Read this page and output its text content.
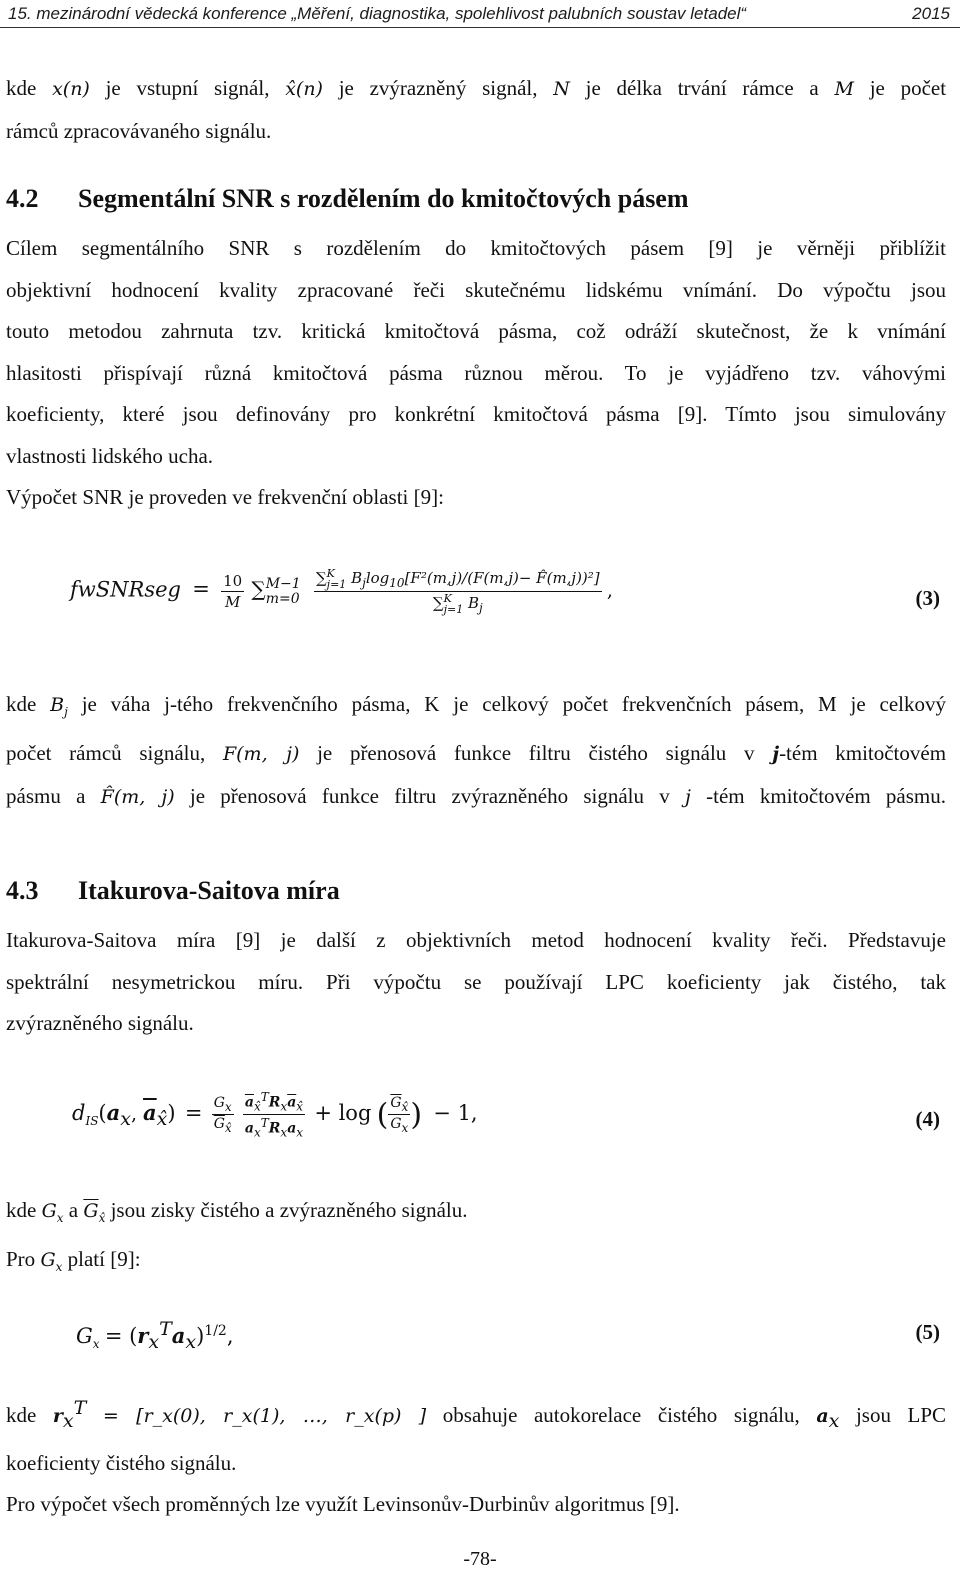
15. mezinárodní vědecká konference „Měření, diagnostika, spolehlivost palubních soustav letadel“	2015
kde x(n) je vstupní signál, x̂(n) je zvýrazněný signál, N je délka trvání rámce a M je počet
rámců zpracovávaného signálu.
4.2 Segmentální SNR s rozdělením do kmitočtových pásem
Cílem segmentálního SNR s rozdělením do kmitočtových pásem [9] je věrněji přiblížit
objektivní hodnocení kvality zpracované řeči skutečnému lidskému vnímání. Do výpočtu jsou
touto metodou zahrnuta tzv. kritická kmitočtová pásma, což odráží skutečnost, že k vnímání
hlasitosti přispívají různá kmitočtová pásma různou měrou. To je vyjádřeno tzv. váhovými
koeficienty, které jsou definovány pro konkrétní kmitočtová pásma [9]. Tímto jsou simulovány
vlastnosti lidského ucha.
Výpočet SNR je proveden ve frekvenční oblasti [9]:
fwSNRseg = $\frac{10}{M}$ ∑ M−1
m=0
∑ K
j=1 $B_j\log_{10}[F^2(m,j)/(F(m,j)-$ F̂(m,j))²]
∑ K
j=1 $B_j$ ,	(3)
kde $B_j$ je váha j-tého frekvenčního pásma, K je celkový počet frekvenčních pásem, M je celkový
počet rámců signálu, F(m, j) je přenosová funkce filtru čistého signálu v j-tém kmitočtovém
pásmu a F̂(m, j) je přenosová funkce filtru zvýrazněného signálu v j -tém kmitočtovém pásmu.
4.3 Itakurova-Saitova míra
Itakurova-Saitova míra [9] je další z objektivních metod hodnocení kvality řeči. Představuje
spektrální nesymetrickou míru. Při výpočtu se používají LPC koeficienty jak čistého, tak
zvýrazněného signálu.
$d_{IS}(a_x$, $\overline{a}_{x̂}) = \frac{G_x}{\overline{G}_{x̂}}$
$\frac{\overline{a}_{x̂}^TR_x\overline{a}_{x̂}}{a_x^TR_xa_x} + \log$ ( $\frac{\overline{G}_{x̂}}{G_x}$ ) − 1,	(4)
kde $G_x$ a $\overline{G}_{x̂}$ jsou zisky čistého a zvýrazněného signálu.
Pro $G_x$ platí [9]:
$G_x = (r_x^Ta_x)^{1/2}$,	(5)
kde $r_x^T$ = [r_x(0), r_x(1), …, r_x(p) ] obsahuje autokorelace čistého signálu, $a_x$ jsou LPC
koeficienty čistého signálu.
Pro výpočet všech proměnných lze využít Levinsonův-Durbinův algoritmus [9].
-78-
